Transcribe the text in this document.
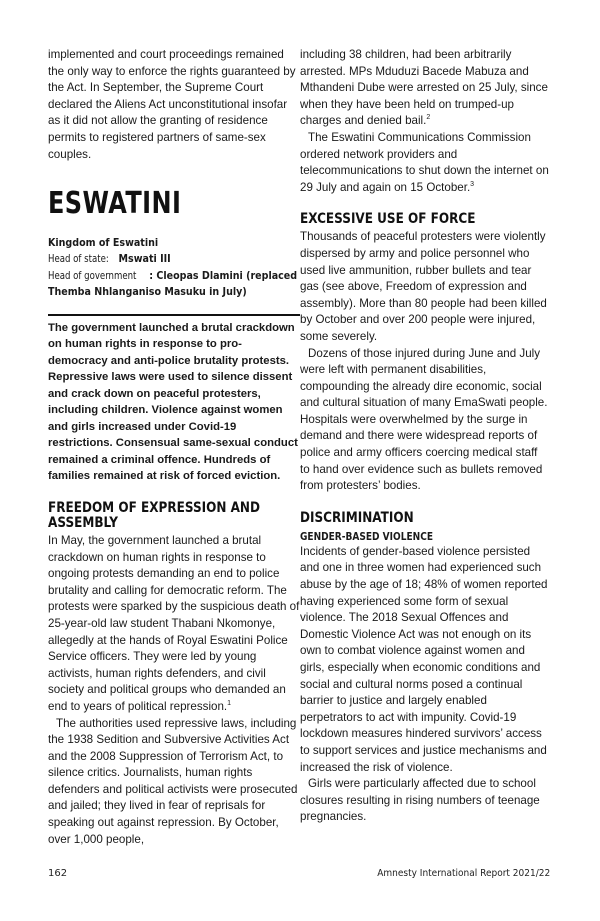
implemented and court proceedings remained the only way to enforce the rights guaranteed by the Act. In September, the Supreme Court declared the Aliens Act unconstitutional insofar as it did not allow the granting of residence permits to registered partners of same-sex couples.

ESWATINI
Kingdom of Eswatini
Head of state: Mswati III
Head of government : Cleopas Dlamini (replaced
Themba Nhlanganiso Masuku in July)

The government launched a brutal crackdown on human rights in response to pro-democracy and anti-police brutality protests. Repressive laws were used to silence dissent and crack down on peaceful protesters, including children. Violence against women and girls increased under Covid-19 restrictions. Consensual same-sexual conduct remained a criminal offence. Hundreds of families remained at risk of forced eviction.

FREEDOM OF EXPRESSION AND ASSEMBLY

In May, the government launched a brutal crackdown on human rights in response to ongoing protests demanding an end to police brutality and calling for democratic reform. The protests were sparked by the suspicious death of 25-year-old law student Thabani Nkomonye, allegedly at the hands of Royal Eswatini Police Service officers. They were led by young activists, human rights defenders, and civil society and political groups who demanded an end to years of political repression.$^1$

The authorities used repressive laws, including the 1938 Sedition and Subversive Activities Act and the 2008 Suppression of Terrorism Act, to silence critics. Journalists, human rights defenders and political activists were prosecuted and jailed; they lived in fear of reprisals for speaking out against repression. By October, over 1,000 people,

including 38 children, had been arbitrarily arrested. MPs Mduduzi Bacede Mabuza and Mthandeni Dube were arrested on 25 July, since when they have been held on trumped-up charges and denied bail.$^2$

The Eswatini Communications Commission ordered network providers and telecommunications to shut down the internet on 29 July and again on 15 October.$^3$

EXCESSIVE USE OF FORCE

Thousands of peaceful protesters were violently dispersed by army and police personnel who used live ammunition, rubber bullets and tear gas (see above, Freedom of expression and assembly). More than 80 people had been killed by October and over 200 people were injured, some severely.

Dozens of those injured during June and July were left with permanent disabilities, compounding the already dire economic, social and cultural situation of many EmaSwati people. Hospitals were overwhelmed by the surge in demand and there were widespread reports of police and army officers coercing medical staff to hand over evidence such as bullets removed from protesters’ bodies.

DISCRIMINATION
GENDER-BASED VIOLENCE

Incidents of gender-based violence persisted and one in three women had experienced such abuse by the age of 18; 48% of women reported having experienced some form of sexual violence. The 2018 Sexual Offences and Domestic Violence Act was not enough on its own to combat violence against women and girls, especially when economic conditions and social and cultural norms posed a continual barrier to justice and largely enabled perpetrators to act with impunity. Covid-19 lockdown measures hindered survivors’ access to support services and justice mechanisms and increased the risk of violence.

Girls were particularly affected due to school closures resulting in rising numbers of teenage pregnancies.

162	Amnesty International Report 2021/22
